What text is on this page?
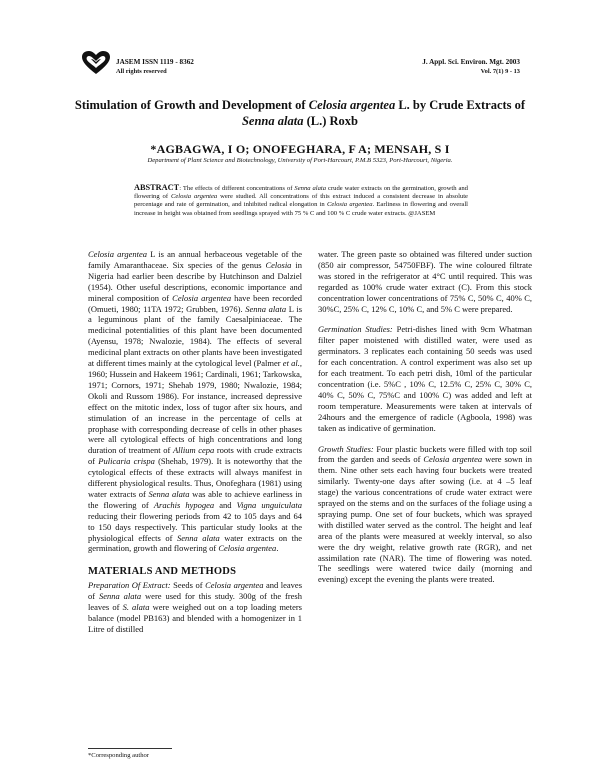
JASEM ISSN 1119 - 8362
All rights reserved
J. Appl. Sci. Environ. Mgt. 2003
Vol. 7(1) 9 - 13
Stimulation of Growth and Development of Celosia argentea L. by Crude Extracts of
Senna alata (L.) Roxb
*AGBAGWA, I O; ONOFEGHARA, F A; MENSAH, S I
Department of Plant Science and Biotechnology, University of Port-Harcourt, P.M.B 5323, Port-Harcourt, Nigeria.
ABSTRACT: The effects of different concentrations of Senna alata crude water extracts on the germination, growth and flowering of Celosia argentea were studied. All concentrations of this extract induced a consistent decrease in absolute percentage and rate of germination, and inhibited radical elongation in Celosia argentea. Earliness in flowering and overall increase in height was obtained from seedlings sprayed with 75 % C and 100 % C crude water extracts. @JASEM

Celosia argentea L is an annual herbaceous vegetable of the family Amaranthaceae. Six species of the genus Celosia in Nigeria had earlier been describe by Hutchinson and Dalziel (1954). Other useful descriptions, economic importance and mineral composition of Celosia argentea have been recorded (Omueti, 1980; 11TA 1972; Grubben, 1976). Senna alata L is a leguminous plant of the family Caesalpiniaceae. The medicinal potentialities of this plant have been documented (Ayensu, 1978; Nwalozie, 1984). The effects of several medicinal plant extracts on other plants have been investigated at different times mainly at the cytological level (Palmer et al., 1960; Hussein and Hakeem 1961; Cardinali, 1961; Tarkowska, 1971; Cornors, 1971; Shehab 1979, 1980; Nwalozie, 1984; Okoli and Russom 1986). For instance, increased depressive effect on the mitotic index, loss of tugor after six hours, and stimulation of an increase in the percentage of cells at prophase with corresponding decrease of cells in other phases were all cytological effects of high concentrations and long duration of treatment of Allium cepa roots with crude extracts of Pulicaria crispa (Shehab, 1979). It is noteworthy that the cytological effects of these extracts will always manifest in different physiological results. Thus, Onofeghara (1981) using water extracts of Senna alata was able to achieve earliness in the flowering of Arachis hypogea and Vigna unguiculata reducing their flowering periods from 42 to 105 days and 64 to 150 days respectively. This particular study looks at the physiological effects of Senna alata water extracts on the germination, growth and flowering of Celosia argentea.

MATERIALS AND METHODS

Preparation Of Extract: Seeds of Celosia argentea and leaves of Senna alata were used for this study. 300g of the fresh leaves of S. alata were weighed out on a top loading meters balance (model PB163) and blended with a homogenizer in 1 Litre of distilled

water. The green paste so obtained was filtered under suction (850 air compressor, 54750FBF). The wine coloured filtrate was stored in the refrigerator at 4°C until required. This was regarded as 100% crude water extract (C). From this stock concentration lower concentrations of 75% C, 50% C, 40% C, 30%C, 25% C, 12% C, 10% C, and 5% C were prepared.

Germination Studies: Petri-dishes lined with 9cm Whatman filter paper moistened with distilled water, were used as germinators. 3 replicates each containing 50 seeds was used for each concentration. A control experiment was also set up for each treatment. To each petri dish, 10ml of the particular concentration (i.e. 5%C , 10% C, 12.5% C, 25% C, 30% C, 40% C, 50% C, 75%C and 100% C) was added and left at room temperature. Measurements were taken at intervals of 24hours and the emergence of radicle (Agboola, 1998) was taken as indicative of germination.

Growth Studies: Four plastic buckets were filled with top soil from the garden and seeds of Celosia argentea were sown in them. Nine other sets each having four buckets were treated similarly. Twenty-one days after sowing (i.e. at 4 –5 leaf stage) the various concentrations of crude water extract were sprayed on the stems and on the surfaces of the foliage using a spraying pump. One set of four buckets, which was sprayed with distilled water served as the control. The height and leaf area of the plants were measured at weekly interval, so also were the dry weight, relative growth rate (RGR), and net assimilation rate (NAR). The time of flowering was noted. The seedlings were watered twice daily (morning and evening) except the evening the plants were treated.

*Corresponding author
